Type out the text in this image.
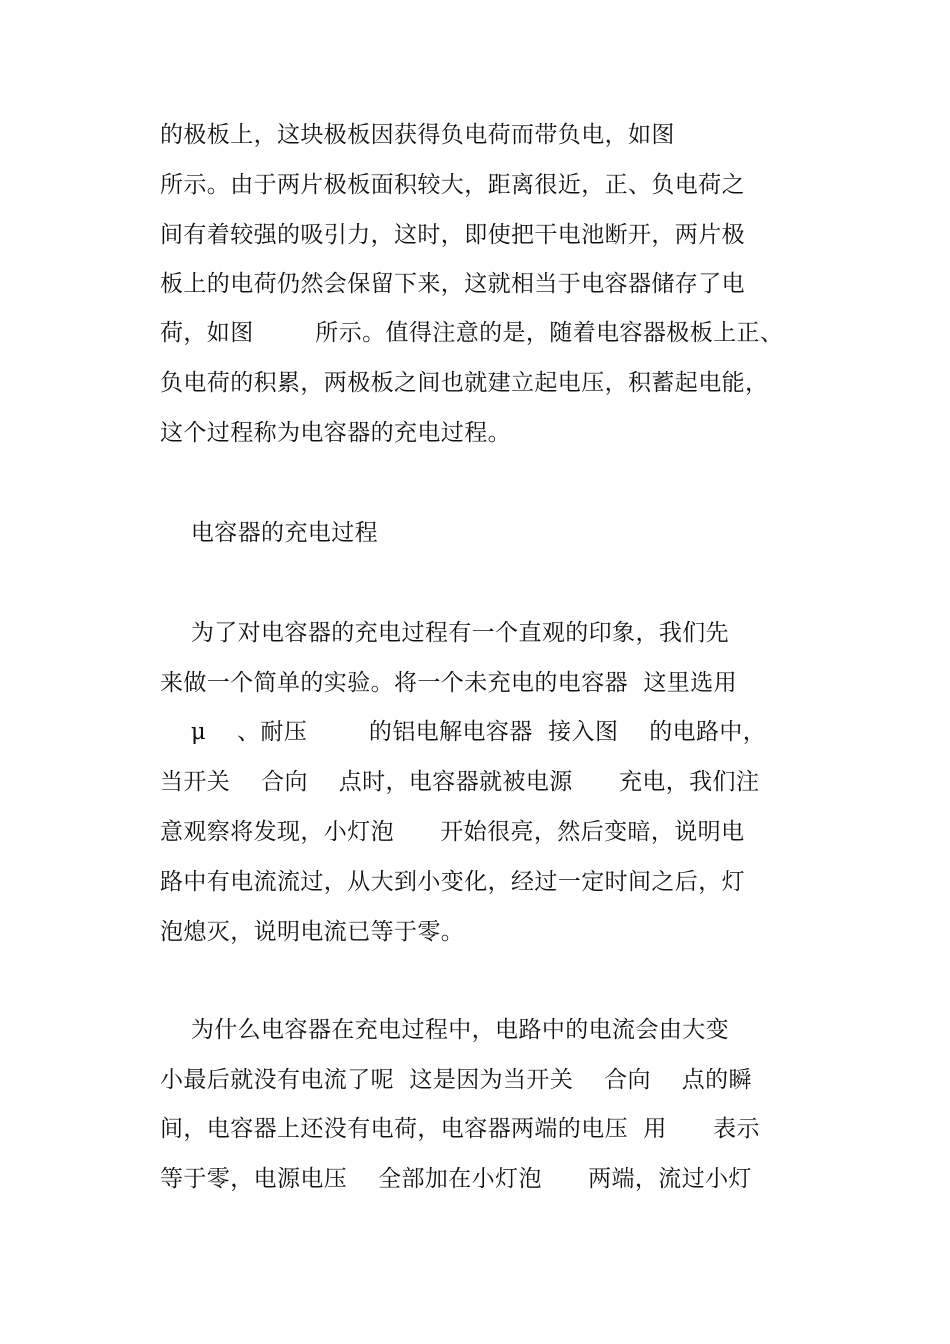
的极板上，这块极板因获得负电荷而带负电，如图
所示。由于两片极板面积较大，距离很近，正、负电荷之
间有着较强的吸引力，这时，即使把干电池断开，两片极
板上的电荷仍然会保留下来，这就相当于电容器储存了电
荷，如图        所示。值得注意的是，随着电容器极板上正、
负电荷的积累，两极板之间也就建立起电压，积蓄起电能，
这个过程称为电容器的充电过程。
电容器的充电过程
为了对电容器的充电过程有一个直观的印象，我们先
来做一个简单的实验。将一个未充电的电容器  这里选用
μ    、耐压        的铝电解电容器  接入图    的电路中，
当开关    合向    点时，电容器就被电源      充电，我们注
意观察将发现，小灯泡      开始很亮，然后变暗，说明电
路中有电流流过，从大到小变化，经过一定时间之后，灯
泡熄灭，说明电流已等于零。
为什么电容器在充电过程中，电路中的电流会由大变
小最后就没有电流了呢  这是因为当开关    合向    点的瞬
间，电容器上还没有电荷，电容器两端的电压  用      表示
等于零，电源电压    全部加在小灯泡      两端，流过小灯
